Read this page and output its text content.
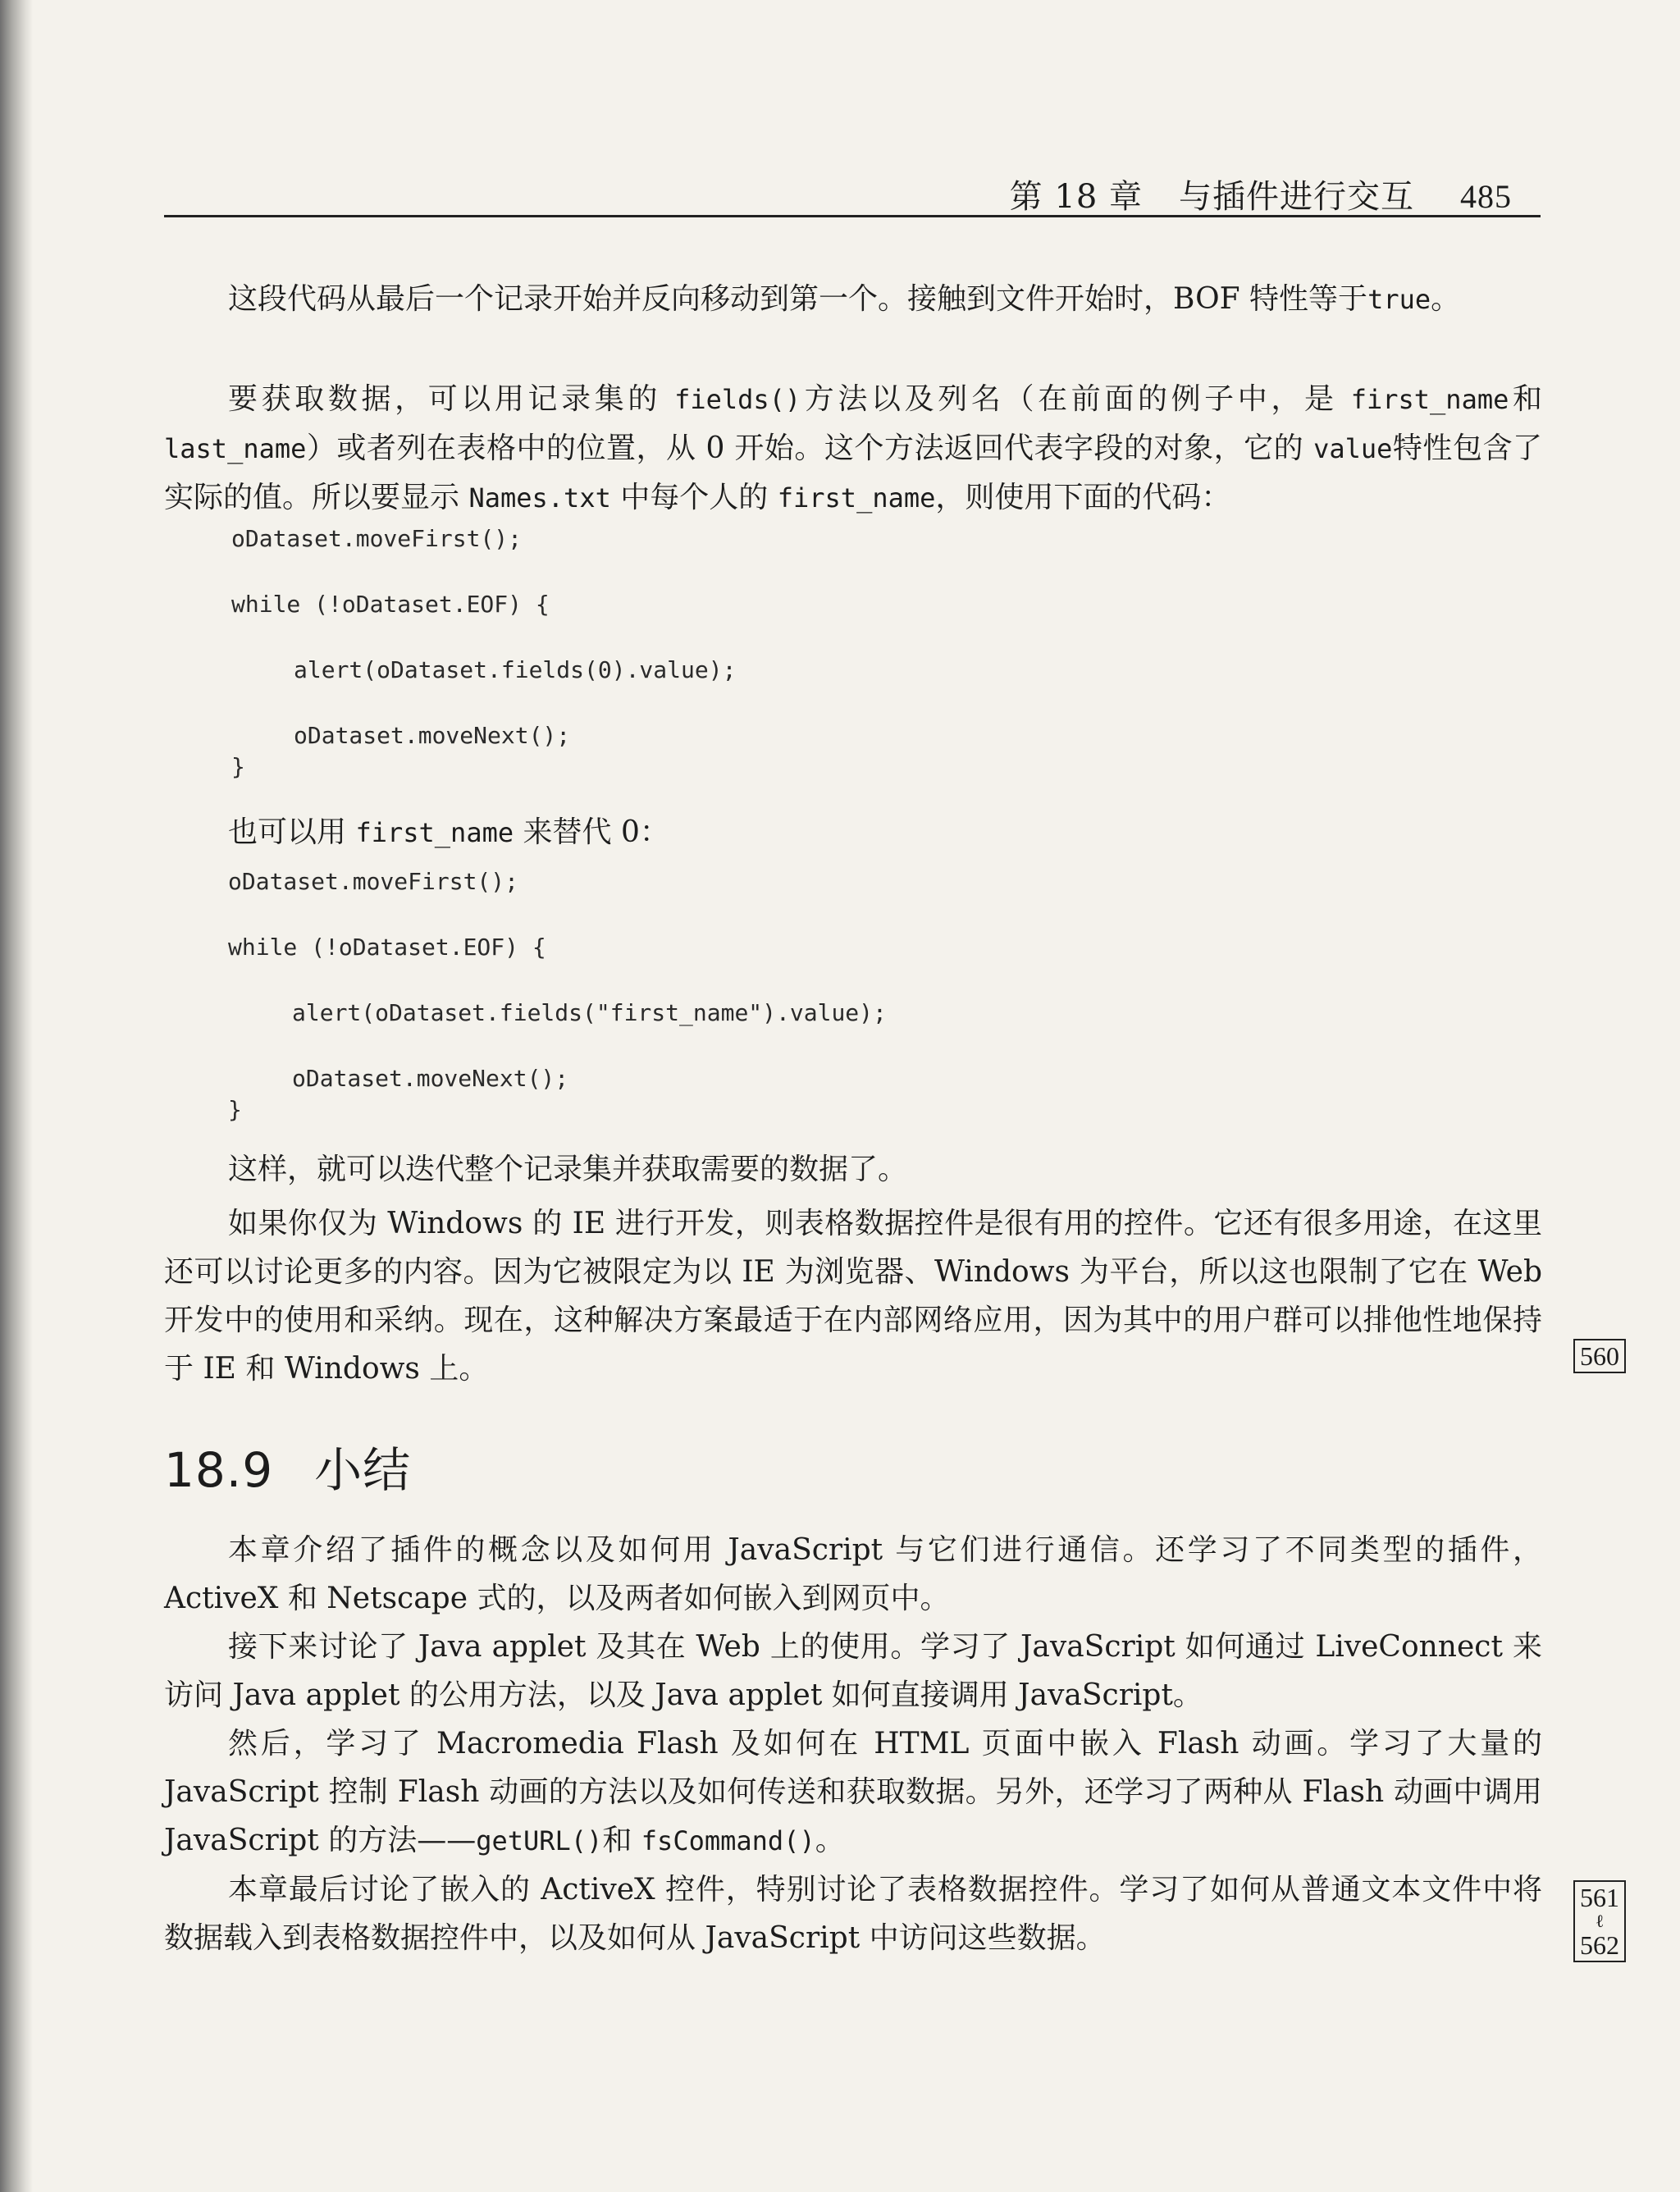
第 18 章 与插件进行交互 485

这段代码从最后一个记录开始并反向移动到第一个。接触到文件开始时，BOF 特性等于true。

要获取数据，可以用记录集的 fields()方法以及列名（在前面的例子中，是 first_name和 last_name）或者列在表格中的位置，从 0 开始。这个方法返回代表字段的对象，它的 value特性包含了实际的值。所以要显示 Names.txt 中每个人的 first_name，则使用下面的代码：

oDataset.moveFirst();
while (!oDataset.EOF) {
alert(oDataset.fields(0).value);
oDataset.moveNext();
}

也可以用 first_name 来替代 0：

oDataset.moveFirst();
while (!oDataset.EOF) {
alert(oDataset.fields("first_name").value);
oDataset.moveNext();
}

这样，就可以迭代整个记录集并获取需要的数据了。

如果你仅为 Windows 的 IE 进行开发，则表格数据控件是很有用的控件。它还有很多用途，在这里还可以讨论更多的内容。因为它被限定为以 IE 为浏览器、Windows 为平台，所以这也限制了它在 Web 开发中的使用和采纳。现在，这种解决方案最适于在内部网络应用，因为其中的用户群可以排他性地保持于 IE 和 Windows 上。	560
18.9 小结

本章介绍了插件的概念以及如何用 JavaScript 与它们进行通信。还学习了不同类型的插件，ActiveX 和 Netscape 式的，以及两者如何嵌入到网页中。

接下来讨论了 Java applet 及其在 Web 上的使用。学习了 JavaScript 如何通过 LiveConnect 来访问 Java applet 的公用方法，以及 Java applet 如何直接调用 JavaScript。

然后，学习了 Macromedia Flash 及如何在 HTML 页面中嵌入 Flash 动画。学习了大量的 JavaScript 控制 Flash 动画的方法以及如何传送和获取数据。另外，还学习了两种从 Flash 动画中调用 JavaScript 的方法——getURL()和 fsCommand()。

本章最后讨论了嵌入的 ActiveX 控件，特别讨论了表格数据控件。学习了如何从普通文本文件中将数据载入到表格数据控件中，以及如何从 JavaScript 中访问这些数据。

561
ℓ
562
